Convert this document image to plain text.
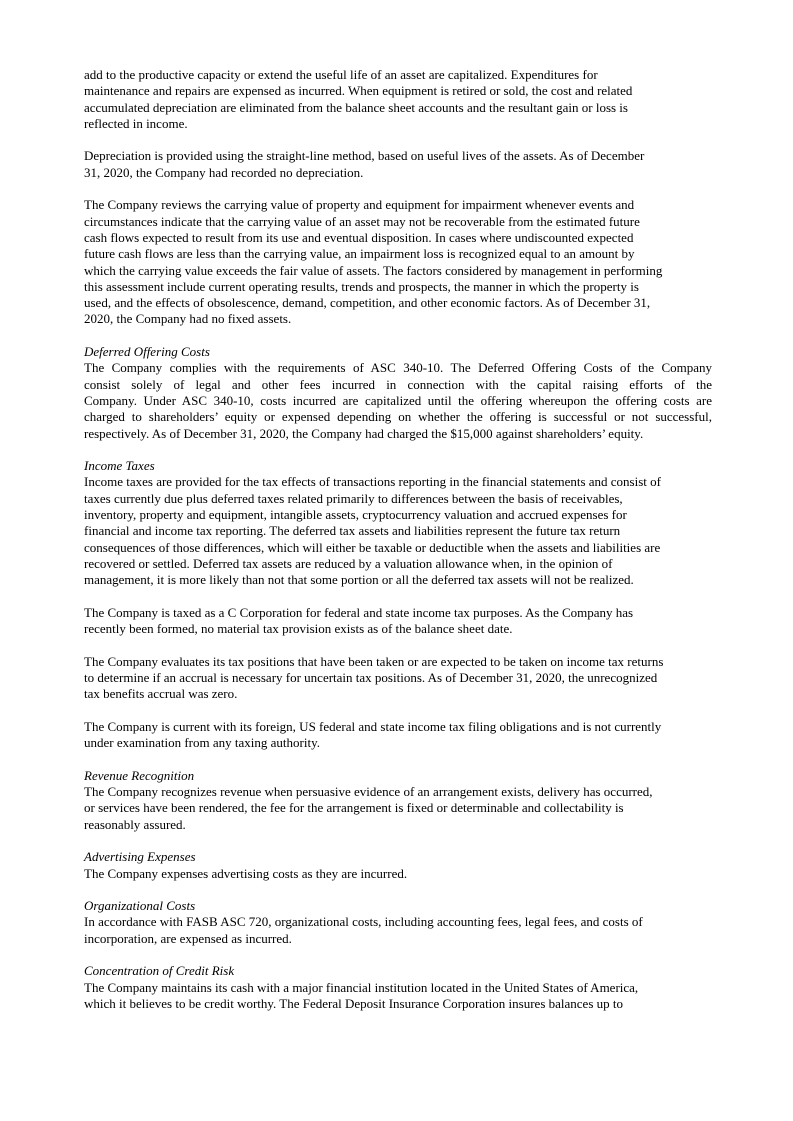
add to the productive capacity or extend the useful life of an asset are capitalized. Expenditures for
maintenance and repairs are expensed as incurred. When equipment is retired or sold, the cost and related
accumulated depreciation are eliminated from the balance sheet accounts and the resultant gain or loss is
reflected in income.
Depreciation is provided using the straight-line method, based on useful lives of the assets. As of December
31, 2020, the Company had recorded no depreciation.
The Company reviews the carrying value of property and equipment for impairment whenever events and
circumstances indicate that the carrying value of an asset may not be recoverable from the estimated future
cash flows expected to result from its use and eventual disposition. In cases where undiscounted expected
future cash flows are less than the carrying value, an impairment loss is recognized equal to an amount by
which the carrying value exceeds the fair value of assets. The factors considered by management in performing
this assessment include current operating results, trends and prospects, the manner in which the property is
used, and the effects of obsolescence, demand, competition, and other economic factors. As of December 31,
2020, the Company had no fixed assets.
Deferred Offering Costs
The Company complies with the requirements of ASC 340-10. The Deferred Offering Costs of the Company
consist solely of legal and other fees incurred in connection with the capital raising efforts of the
Company. Under ASC 340-10, costs incurred are capitalized until the offering whereupon the offering costs are
charged to shareholders’ equity or expensed depending on whether the offering is successful or not successful,
respectively. As of December 31, 2020, the Company had charged the $15,000 against shareholders’ equity.
Income Taxes
Income taxes are provided for the tax effects of transactions reporting in the financial statements and consist of
taxes currently due plus deferred taxes related primarily to differences between the basis of receivables,
inventory, property and equipment, intangible assets, cryptocurrency valuation and accrued expenses for
financial and income tax reporting. The deferred tax assets and liabilities represent the future tax return
consequences of those differences, which will either be taxable or deductible when the assets and liabilities are
recovered or settled. Deferred tax assets are reduced by a valuation allowance when, in the opinion of
management, it is more likely than not that some portion or all the deferred tax assets will not be realized.
The Company is taxed as a C Corporation for federal and state income tax purposes. As the Company has
recently been formed, no material tax provision exists as of the balance sheet date.
The Company evaluates its tax positions that have been taken or are expected to be taken on income tax returns
to determine if an accrual is necessary for uncertain tax positions. As of December 31, 2020, the unrecognized
tax benefits accrual was zero.
The Company is current with its foreign, US federal and state income tax filing obligations and is not currently
under examination from any taxing authority.
Revenue Recognition
The Company recognizes revenue when persuasive evidence of an arrangement exists, delivery has occurred,
or services have been rendered, the fee for the arrangement is fixed or determinable and collectability is
reasonably assured.
Advertising Expenses
The Company expenses advertising costs as they are incurred.
Organizational Costs
In accordance with FASB ASC 720, organizational costs, including accounting fees, legal fees, and costs of
incorporation, are expensed as incurred.
Concentration of Credit Risk
The Company maintains its cash with a major financial institution located in the United States of America,
which it believes to be credit worthy. The Federal Deposit Insurance Corporation insures balances up to
